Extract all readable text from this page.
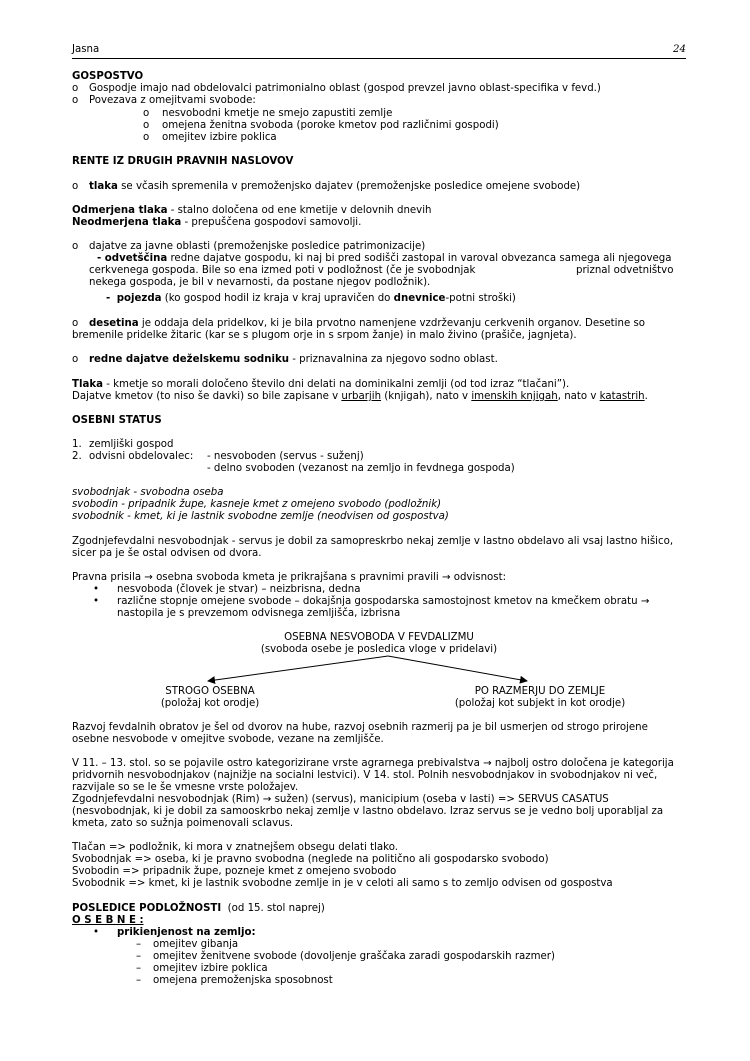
Jasna	24
GOSPOSTVO
o Gospodje imajo nad obdelovalci patrimonialno oblast (gospod prevzel javno oblast-specifika v fevd.)
o Povezava z omejitvami svobode:
o nesvobodni kmetje ne smejo zapustiti zemlje
o omejena ženitna svoboda (poroke kmetov pod različnimi gospodi)
o omejitev izbire poklica
RENTE IZ DRUGIH PRAVNIH NASLOVOV
o tlaka se včasih spremenila v premoženjsko dajatev (premoženjske posledice omejene svobode)
Odmerjena tlaka - stalno določena od ene kmetije v delovnih dnevih
Neodmerjena tlaka - prepuščena gospodovi samovolji.
o dajatve za javne oblasti (premoženjske posledice patrimonizacije)
- odvetščina redne dajatve gospodu, ki naj bi pred sodišči zastopal in varoval obvezanca samega ali njegovega
cerkvenega gospoda. Bile so ena izmed poti v podložnost (če je svobodnjak	priznal odvetništvo
nekega gospoda, je bil v nevarnosti, da postane njegov podložnik).
- pojezda (ko gospod hodil iz kraja v kraj upravičen do dnevnice-potni stroški)
o desetina je oddaja dela pridelkov, ki je bila prvotno namenjene vzdrževanju cerkvenih organov. Desetine so
bremenile pridelke žitaric (kar se s plugom orje in s srpom žanje) in malo živino (prašiče, jagnjeta).
o redne dajatve deželskemu sodniku - priznavalnina za njegovo sodno oblast.
Tlaka - kmetje so morali določeno število dni delati na dominikalni zemlji (od tod izraz “tlačani”).
Dajatve kmetov (to niso še davki) so bile zapisane v urbarjih (knjigah), nato v imenskih knjigah, nato v katastrih.
OSEBNI STATUS
1. zemljiški gospod
2. odvisni obdelovalec: - nesvoboden (servus - suženj)
- delno svoboden (vezanost na zemljo in fevdnega gospoda)
svobodnjak - svobodna oseba
svobodin - pripadnik župe, kasneje kmet z omejeno svobodo (podložnik)
svobodnik - kmet, ki je lastnik svobodne zemlje (neodvisen od gospostva)
Zgodnjefevdalni nesvobodnjak - servus je dobil za samopreskrbo nekaj zemlje v lastno obdelavo ali vsaj lastno hišico,
sicer pa je še ostal odvisen od dvora.
Pravna prisila → osebna svoboda kmeta je prikrajšana s pravnimi pravili → odvisnost:
• nesvoboda (človek je stvar) – neizbrisna, dedna
• različne stopnje omejene svobode – dokajšnja gospodarska samostojnost kmetov na kmečkem obratu →
nastopila je s prevzemom odvisnega zemljišča, izbrisna
OSEBNA NESVOBODA V FEVDALIZMU
(svoboda osebe je posledica vloge v pridelavi)
STROGO OSEBNA
(položaj kot orodje)
PO RAZMERJU DO ZEMLJE
(položaj kot subjekt in kot orodje)
Razvoj fevdalnih obratov je šel od dvorov na hube, razvoj osebnih razmerij pa je bil usmerjen od strogo prirojene
osebne nesvobode v omejitve svobode, vezane na zemljišče.
V 11. – 13. stol. so se pojavile ostro kategorizirane vrste agrarnega prebivalstva → najbolj ostro določena je kategorija
pridvornih nesvobodnjakov (najnižje na socialni lestvici). V 14. stol. Polnih nesvobodnjakov in svobodnjakov ni več,
razvijale so se le še vmesne vrste položajev.
Zgodnjefevdalni nesvobodnjak (Rim) → sužen) (servus), manicipium (oseba v lasti) => SERVUS CASATUS
(nesvobodnjak, ki je dobil za samooskrbo nekaj zemlje v lastno obdelavo. Izraz servus se je vedno bolj uporabljal za
kmeta, zato so sužnja poimenovali sclavus.
Tlačan => podložnik, ki mora v znatnejšem obsegu delati tlako.
Svobodnjak => oseba, ki je pravno svobodna (neglede na politično ali gospodarsko svobodo)
Svobodin => pripadnik župe, pozneje kmet z omejeno svobodo
Svobodnik => kmet, ki je lastnik svobodne zemlje in je v celoti ali samo s to zemljo odvisen od gospostva
POSLEDICE PODLOŽNOSTI (od 15. stol naprej)
O S E B N E :
• prikienjenost na zemljo:
– omejitev gibanja
– omejitev ženitvene svobode (dovoljenje graščaka zaradi gospodarskih razmer)
– omejitev izbire poklica
– omejena premoženjska sposobnost
